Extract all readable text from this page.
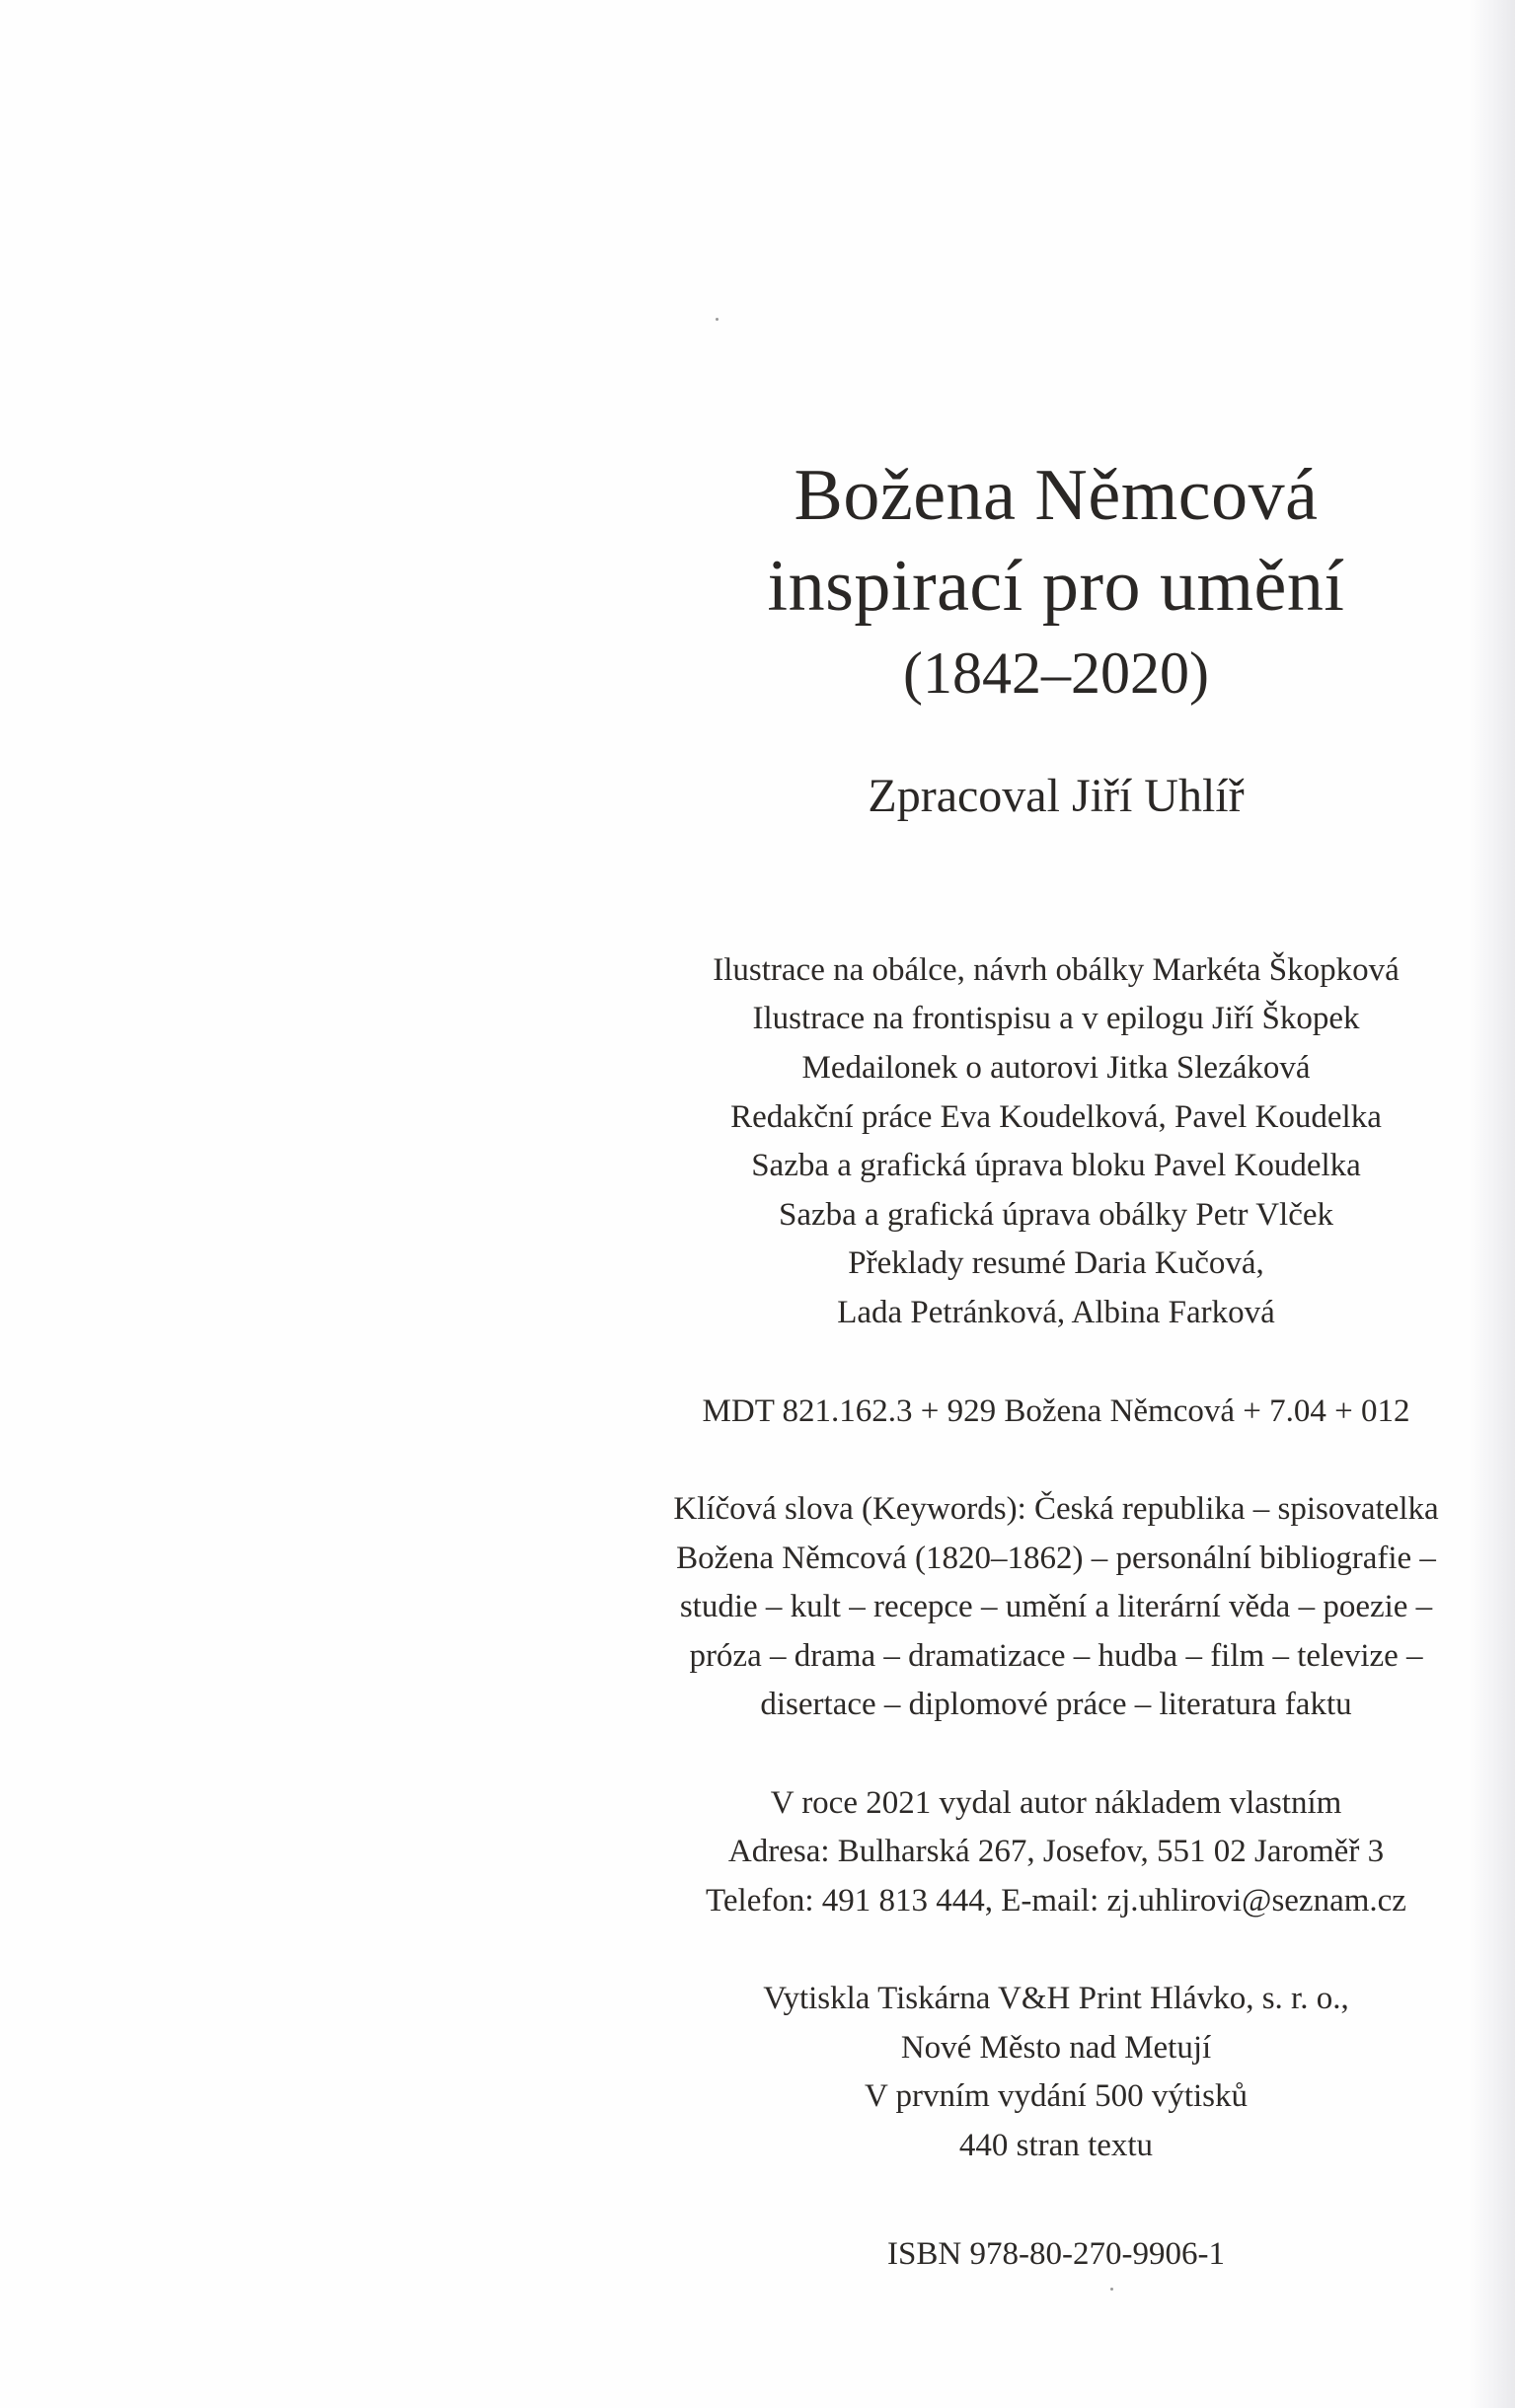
Božena Němcová

inspirací pro umění

(1842–2020)

Zpracoval Jiří Uhlíř

Ilustrace na obálce, návrh obálky Markéta Škopková

Ilustrace na frontispisu a v epilogu Jiří Škopek

Medailonek o autorovi Jitka Slezáková

Redakční práce Eva Koudelková, Pavel Koudelka

Sazba a grafická úprava bloku Pavel Koudelka

Sazba a grafická úprava obálky Petr Vlček

Překlady resumé Daria Kučová,

Lada Petránková, Albina Farková

MDT 821.162.3 + 929 Božena Němcová + 7.04 + 012

Klíčová slova (Keywords): Česká republika – spisovatelka

Božena Němcová (1820–1862) – personální bibliografie –

studie – kult – recepce – umění a literární věda – poezie –

próza – drama – dramatizace – hudba – film – televize –

disertace – diplomové práce – literatura faktu

V roce 2021 vydal autor nákladem vlastním

Adresa: Bulharská 267, Josefov, 551 02 Jaroměř 3

Telefon: 491 813 444, E-mail: zj.uhlirovi@seznam.cz

Vytiskla Tiskárna V&H Print Hlávko, s. r. o.,

Nové Město nad Metují

V prvním vydání 500 výtisků

440 stran textu

ISBN 978-80-270-9906-1
